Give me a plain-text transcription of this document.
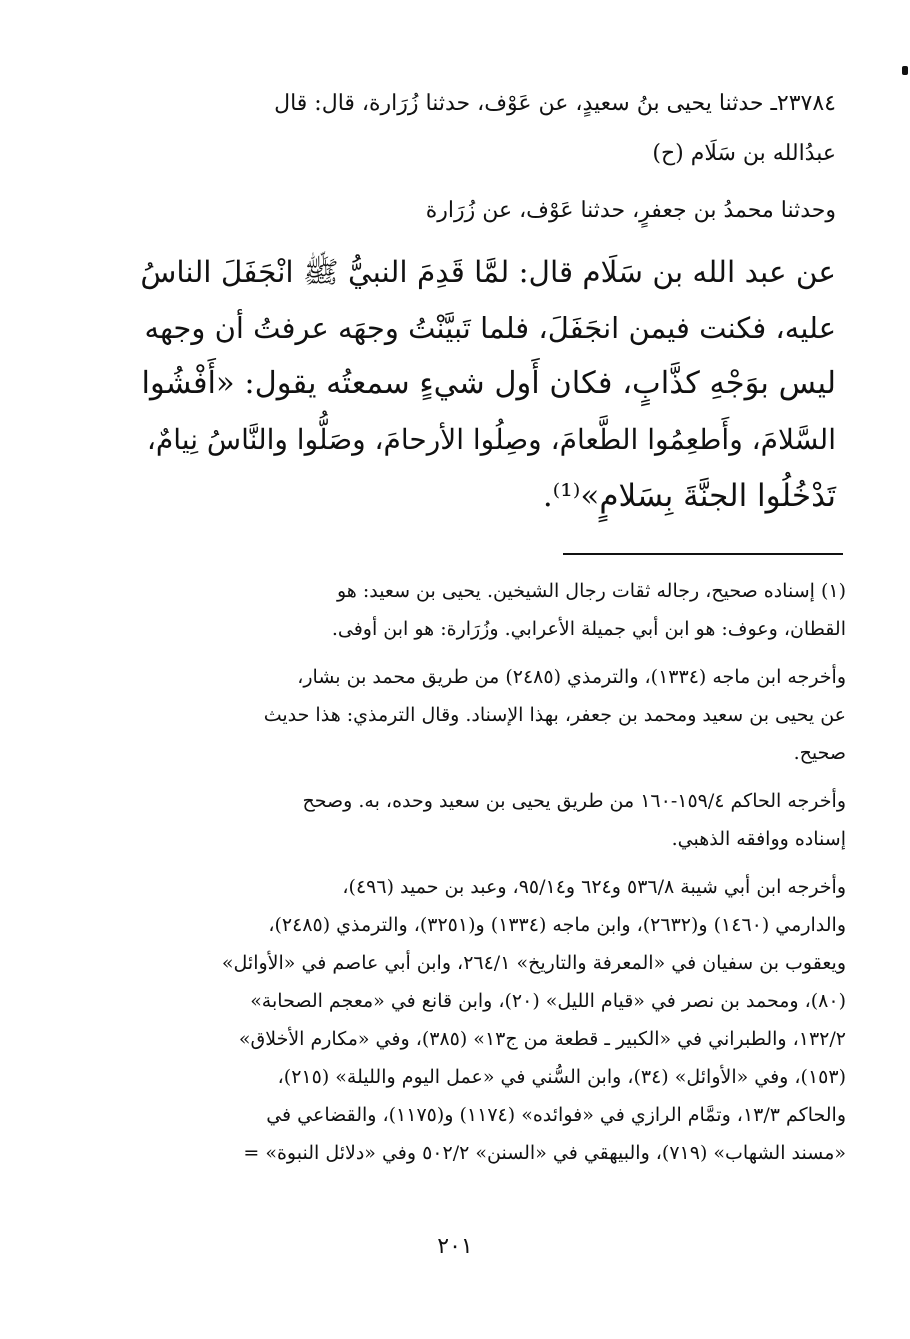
٢٣٧٨٤ـ حدثنا يحيى بنُ سعيدٍ، عن عَوْف، حدثنا زُرَارة، قال: قال
عبدُالله بن سَلَام (ح)
وحدثنا محمدُ بن جعفرٍ، حدثنا عَوْف، عن زُرَارة
عن عبد الله بن سَلَام قال: لمَّا قَدِمَ النبيُّ ﷺ انْجَفَلَ الناسُ
عليه، فكنت فيمن انجَفَلَ، فلما تَبيَّنْتُ وجهَه عرفتُ أن وجهه
ليس بوَجْهِ كذَّابٍ، فكان أَول شيءٍ سمعتُه يقول: «أَفْشُوا
السَّلامَ، وأَطعِمُوا الطَّعامَ، وصِلُوا الأرحامَ، وصَلُّوا والنَّاسُ نِيامٌ،
تَدْخُلُوا الجنَّةَ بِسَلامٍ»⁽¹⁾.
(١) إسناده صحيح، رجاله ثقات رجال الشيخين. يحيى بن سعيد: هو
القطان، وعوف: هو ابن أبي جميلة الأعرابي. وزُرَارة: هو ابن أوفى.
وأخرجه ابن ماجه (١٣٣٤)، والترمذي (٢٤٨٥) من طريق محمد بن بشار،
عن يحيى بن سعيد ومحمد بن جعفر، بهذا الإسناد. وقال الترمذي: هذا حديث
صحيح.
وأخرجه الحاكم ١٥٩/٤-١٦٠ من طريق يحيى بن سعيد وحده، به. وصحح
إسناده ووافقه الذهبي.
وأخرجه ابن أبي شيبة ٥٣٦/٨ و٦٢٤ و٩٥/١٤، وعبد بن حميد (٤٩٦)،
والدارمي (١٤٦٠) و(٢٦٣٢)، وابن ماجه (١٣٣٤) و(٣٢٥١)، والترمذي (٢٤٨٥)،
ويعقوب بن سفيان في «المعرفة والتاريخ» ٢٦٤/١، وابن أبي عاصم في «الأوائل»
(٨٠)، ومحمد بن نصر في «قيام الليل» (٢٠)، وابن قانع في «معجم الصحابة»
١٣٢/٢، والطبراني في «الكبير ـ قطعة من ج١٣» (٣٨٥)، وفي «مكارم الأخلاق»
(١٥٣)، وفي «الأوائل» (٣٤)، وابن السُّني في «عمل اليوم والليلة» (٢١٥)،
والحاكم ١٣/٣، وتمَّام الرازي في «فوائده» (١١٧٤) و(١١٧٥)، والقضاعي في
«مسند الشهاب» (٧١٩)، والبيهقي في «السنن» ٥٠٢/٢ وفي «دلائل النبوة» =
٢٠١
